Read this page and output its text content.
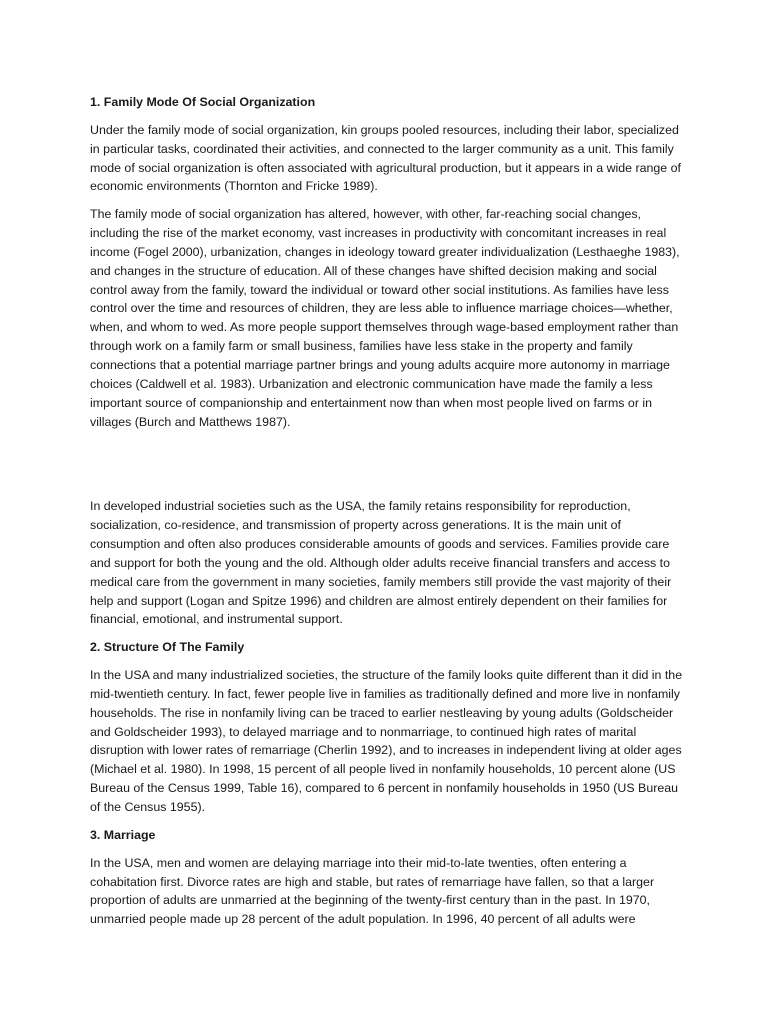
1. Family Mode Of Social Organization

Under the family mode of social organization, kin groups pooled resources, including their labor, specialized in particular tasks, coordinated their activities, and connected to the larger community as a unit. This family mode of social organization is often associated with agricultural production, but it appears in a wide range of economic environments (Thornton and Fricke 1989).

The family mode of social organization has altered, however, with other, far-reaching social changes, including the rise of the market economy, vast increases in productivity with concomitant increases in real income (Fogel 2000), urbanization, changes in ideology toward greater individualization (Lesthaeghe 1983), and changes in the structure of education. All of these changes have shifted decision making and social control away from the family, toward the individual or toward other social institutions. As families have less control over the time and resources of children, they are less able to influence marriage choices—whether, when, and whom to wed. As more people support themselves through wage-based employment rather than through work on a family farm or small business, families have less stake in the property and family connections that a potential marriage partner brings and young adults acquire more autonomy in marriage choices (Caldwell et al. 1983). Urbanization and electronic communication have made the family a less important source of companionship and entertainment now than when most people lived on farms or in villages (Burch and Matthews 1987).

In developed industrial societies such as the USA, the family retains responsibility for reproduction, socialization, co-residence, and transmission of property across generations. It is the main unit of consumption and often also produces considerable amounts of goods and services. Families provide care and support for both the young and the old. Although older adults receive financial transfers and access to medical care from the government in many societies, family members still provide the vast majority of their help and support (Logan and Spitze 1996) and children are almost entirely dependent on their families for financial, emotional, and instrumental support.

2. Structure Of The Family

In the USA and many industrialized societies, the structure of the family looks quite different than it did in the mid-twentieth century. In fact, fewer people live in families as traditionally defined and more live in nonfamily households. The rise in nonfamily living can be traced to earlier nestleaving by young adults (Goldscheider and Goldscheider 1993), to delayed marriage and to nonmarriage, to continued high rates of marital disruption with lower rates of remarriage (Cherlin 1992), and to increases in independent living at older ages (Michael et al. 1980). In 1998, 15 percent of all people lived in nonfamily households, 10 percent alone (US Bureau of the Census 1999, Table 16), compared to 6 percent in nonfamily households in 1950 (US Bureau of the Census 1955).

3. Marriage

In the USA, men and women are delaying marriage into their mid-to-late twenties, often entering a cohabitation first. Divorce rates are high and stable, but rates of remarriage have fallen, so that a larger proportion of adults are unmarried at the beginning of the twenty-first century than in the past. In 1970, unmarried people made up 28 percent of the adult population. In 1996, 40 percent of all adults were
